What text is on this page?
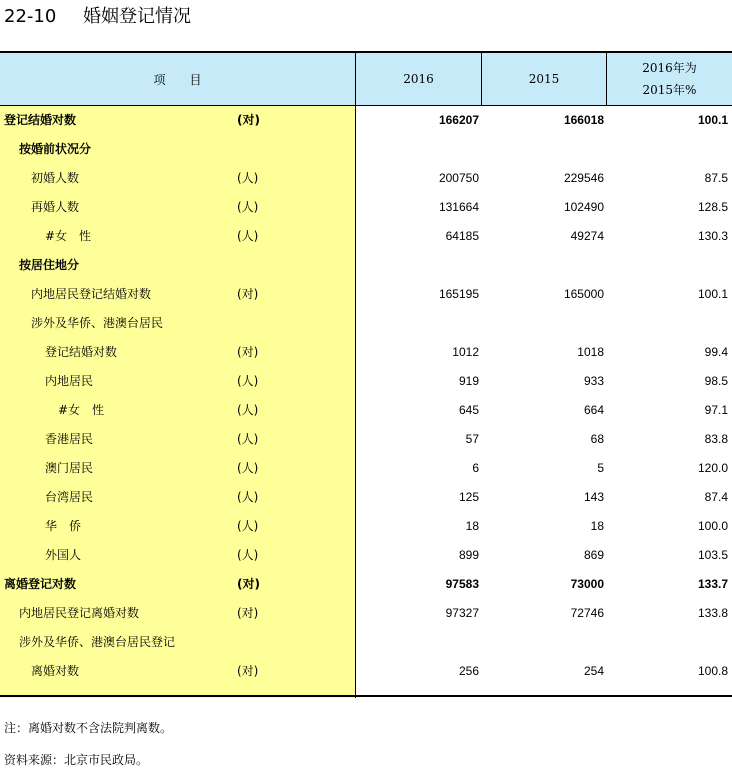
22-10 婚姻登记情况
项　　目	2016	2015
2016年为
2015年%
登记结婚对数	(对)	166207	166018	100.1
按婚前状况分
初婚人数	(人)	200750	229546	87.5
再婚人数	(人)	131664	102490	128.5
#女　性	(人)	64185	49274	130.3
按居住地分
内地居民登记结婚对数	(对)	165195	165000	100.1
涉外及华侨、港澳台居民
登记结婚对数	(对)	1012	1018	99.4
内地居民	(人)	919	933	98.5
#女　性	(人)	645	664	97.1
香港居民	(人)	57	68	83.8
澳门居民	(人)	6	5	120.0
台湾居民	(人)	125	143	87.4
华　侨	(人)	18	18	100.0
外国人	(人)	899	869	103.5
离婚登记对数	(对)	97583	73000	133.7
内地居民登记离婚对数	(对)	97327	72746	133.8
涉外及华侨、港澳台居民登记
离婚对数	(对)	256	254	100.8
注：离婚对数不含法院判离数。
资料来源：北京市民政局。
